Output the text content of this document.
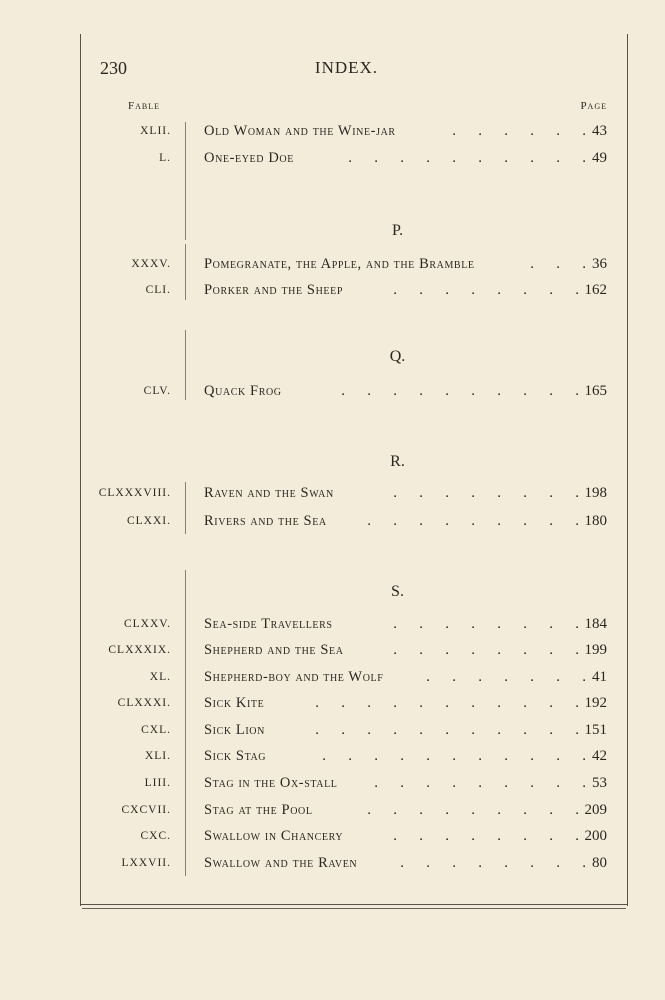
230	INDEX.
Fable	Page
XLII. Old Woman and the Wine-jar	.	.	.	.	.	. 43
L. One-eyed Doe	.	.	.	.	.	.	.	.	.	. 49
P.
XXXV. Pomegranate, the Apple, and the Bramble	.	.	. 36
CLI. Porker and the Sheep	.	.	.	.	.	.	.	. 162
Q.
CLV. Quack Frog	.	.	.	.	.	.	.	.	.	. 165
R.
CLXXXVIII. Raven and the Swan	.	.	.	.	.	.	.	. 198
CLXXI. Rivers and the Sea	.	.	.	.	.	.	.	.	. 180
S.
CLXXV. Sea-side Travellers	.	.	.	.	.	.	.	. 184
CLXXXIX. Shepherd and the Sea	.	.	.	.	.	.	.	. 199
XL. Shepherd-boy and the Wolf	.	.	.	.	.	.	. 41
CLXXXI. Sick Kite	.	.	.	.	.	.	.	.	.	.	. 192
CXL. Sick Lion	.	.	.	.	.	.	.	.	.	.	. 151
XLI. Sick Stag	.	.	.	.	.	.	.	.	.	.	. 42
LIII. Stag in the Ox-stall	.	.	.	.	.	.	.	.	. 53
CXCVII. Stag at the Pool	.	.	.	.	.	.	.	.	. 209
CXC. Swallow in Chancery	.	.	.	.	.	.	.	. 200
LXXVII. Swallow and the Raven	.	.	.	.	.	.	.	. 80
